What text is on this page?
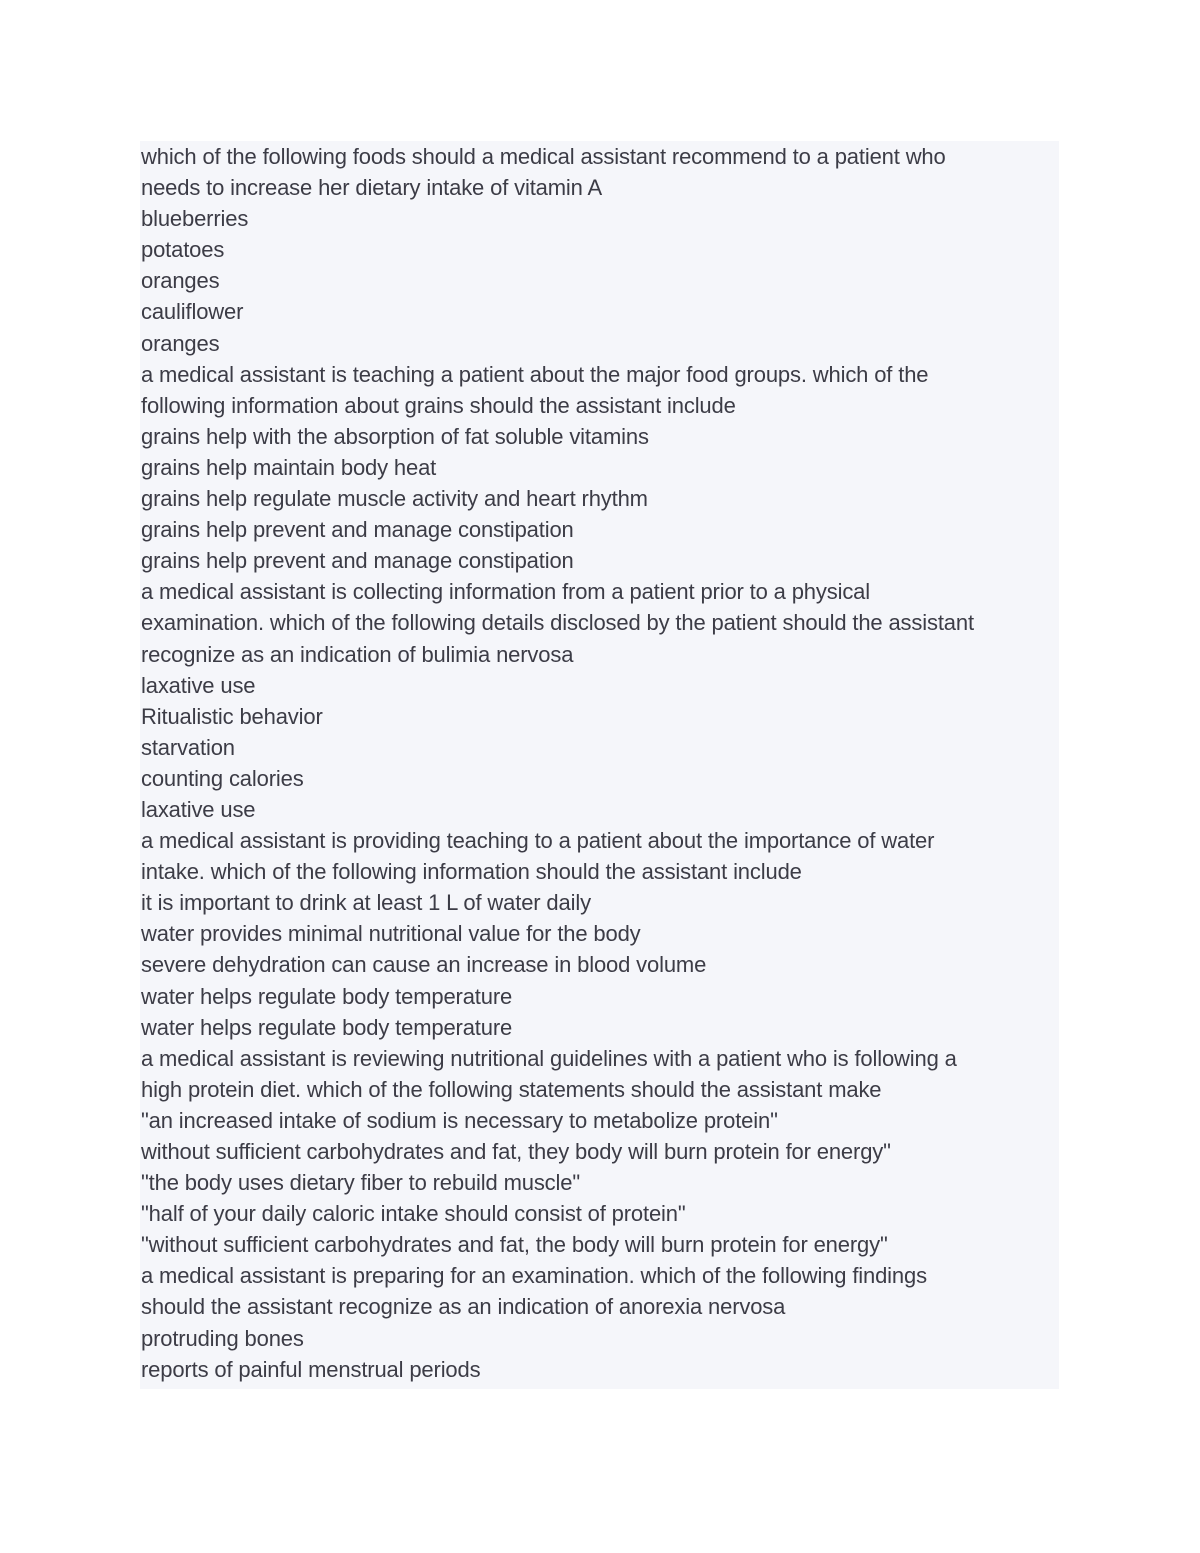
which of the following foods should a medical assistant recommend to a patient who
needs to increase her dietary intake of vitamin A
blueberries
potatoes
oranges
cauliflower
oranges
a medical assistant is teaching a patient about the major food groups. which of the
following information about grains should the assistant include
grains help with the absorption of fat soluble vitamins
grains help maintain body heat
grains help regulate muscle activity and heart rhythm
grains help prevent and manage constipation
grains help prevent and manage constipation
a medical assistant is collecting information from a patient prior to a physical
examination. which of the following details disclosed by the patient should the assistant
recognize as an indication of bulimia nervosa
laxative use
Ritualistic behavior
starvation
counting calories
laxative use
a medical assistant is providing teaching to a patient about the importance of water
intake. which of the following information should the assistant include
it is important to drink at least 1 L of water daily
water provides minimal nutritional value for the body
severe dehydration can cause an increase in blood volume
water helps regulate body temperature
water helps regulate body temperature
a medical assistant is reviewing nutritional guidelines with a patient who is following a
high protein diet. which of the following statements should the assistant make
"an increased intake of sodium is necessary to metabolize protein"
without sufficient carbohydrates and fat, they body will burn protein for energy"
"the body uses dietary fiber to rebuild muscle"
"half of your daily caloric intake should consist of protein"
"without sufficient carbohydrates and fat, the body will burn protein for energy"
a medical assistant is preparing for an examination. which of the following findings
should the assistant recognize as an indication of anorexia nervosa
protruding bones
reports of painful menstrual periods
